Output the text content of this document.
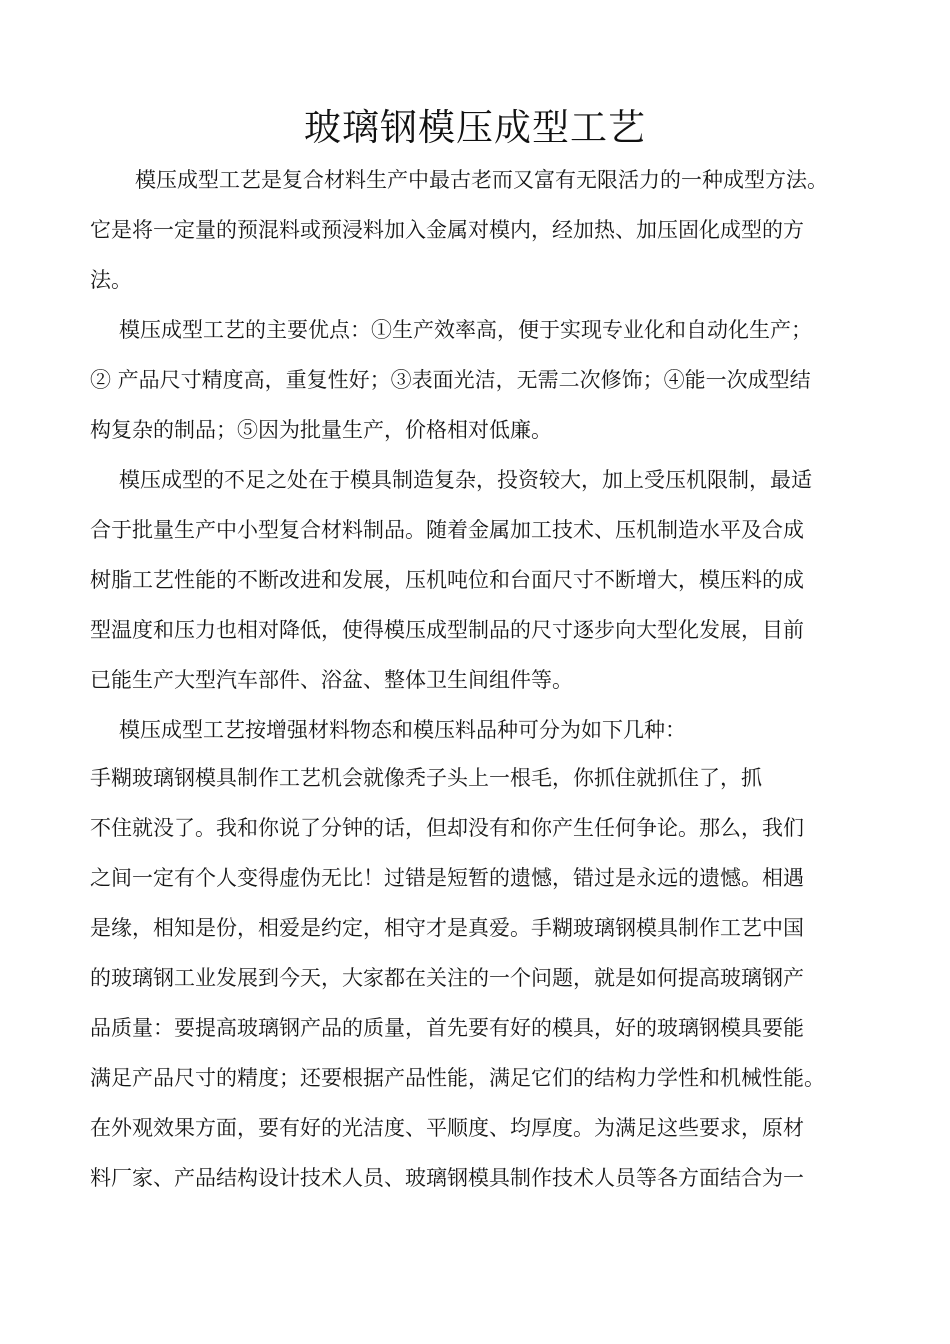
玻璃钢模压成型工艺

模压成型工艺是复合材料生产中最古老而又富有无限活力的一种成型方法。

它是将一定量的预混料或预浸料加入金属对模内，经加热、加压固化成型的方

法。

模压成型工艺的主要优点：①生产效率高，便于实现专业化和自动化生产；

② 产品尺寸精度高，重复性好；③表面光洁，无需二次修饰；④能一次成型结

构复杂的制品；⑤因为批量生产，价格相对低廉。

模压成型的不足之处在于模具制造复杂，投资较大，加上受压机限制，最适

合于批量生产中小型复合材料制品。随着金属加工技术、压机制造水平及合成

树脂工艺性能的不断改进和发展，压机吨位和台面尺寸不断增大，模压料的成

型温度和压力也相对降低，使得模压成型制品的尺寸逐步向大型化发展，目前

已能生产大型汽车部件、浴盆、整体卫生间组件等。

模压成型工艺按增强材料物态和模压料品种可分为如下几种：

手糊玻璃钢模具制作工艺机会就像秃子头上一根毛，你抓住就抓住了，抓

不住就没了。我和你说了分钟的话，但却没有和你产生任何争论。那么，我们

之间一定有个人变得虚伪无比！过错是短暂的遗憾，错过是永远的遗憾。相遇

是缘，相知是份，相爱是约定，相守才是真爱。手糊玻璃钢模具制作工艺中国

的玻璃钢工业发展到今天，大家都在关注的一个问题，就是如何提高玻璃钢产

品质量：要提高玻璃钢产品的质量，首先要有好的模具，好的玻璃钢模具要能

满足产品尺寸的精度；还要根据产品性能，满足它们的结构力学性和机械性能。

在外观效果方面，要有好的光洁度、平顺度、均厚度。为满足这些要求，原材

料厂家、产品结构设计技术人员、玻璃钢模具制作技术人员等各方面结合为一
